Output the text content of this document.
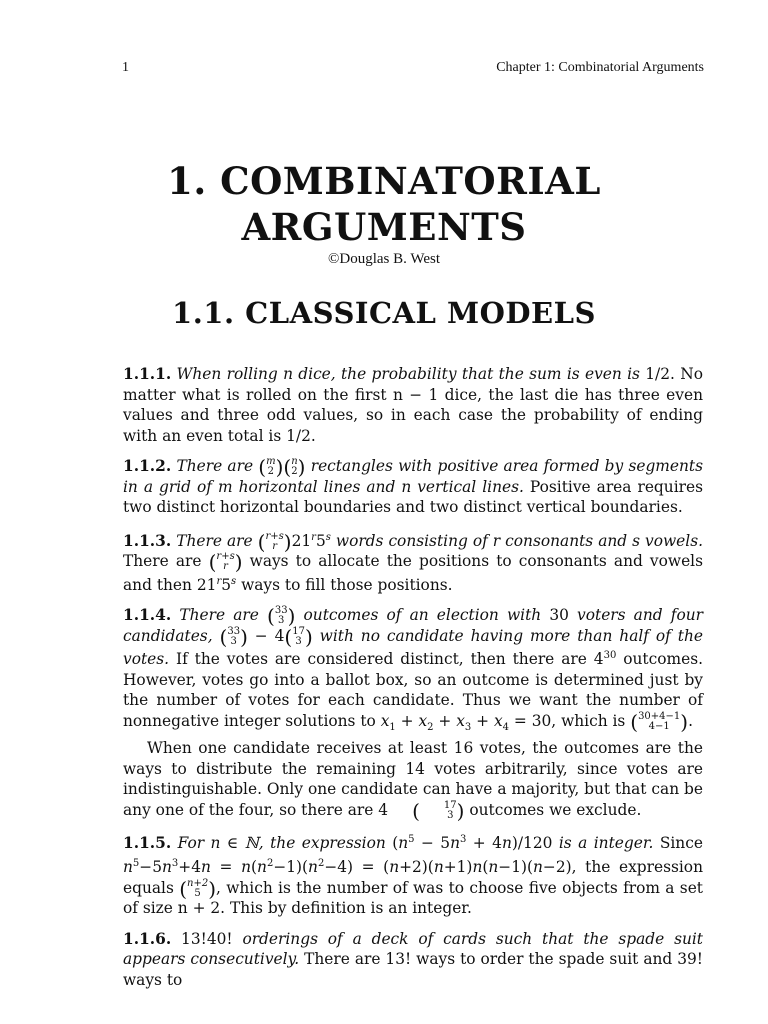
1	Chapter 1: Combinatorial Arguments
1. COMBINATORIAL
ARGUMENTS
©Douglas B. West
1.1. CLASSICAL MODELS

1.1.1. When rolling n dice, the probability that the sum is even is 1/2. No matter what is rolled on the first n − 1 dice, the last die has three even values and three odd values, so in each case the probability of ending with an even total is 1/2.

1.1.2. There are ( m
2 )( n
2 ) rectangles with positive area formed by segments in a grid of m horizontal lines and n vertical lines. Positive area requires two distinct horizontal boundaries and two distinct vertical boundaries.

1.1.3. There are ( r+s
r )21$^r$5$^s$ words consisting of r consonants and s vowels. There are ( r+s
r ) ways to allocate the positions to consonants and vowels and then 21$^r$5$^s$ ways to fill those positions.

1.1.4. There are ( 33
3 ) outcomes of an election with 30 voters and four candidates, ( 33
3 ) − 4( 17
3 ) with no candidate having more than half of the votes. If the votes are considered distinct, then there are $4^{30}$ outcomes. However, votes go into a ballot box, so an outcome is determined just by the number of votes for each candidate. Thus we want the number of nonnegative integer solutions to $x_1 + x_2 + x_3 + x_4 = 30$, which is ( 30+4−1
4−1 ).

When one candidate receives at least 16 votes, the outcomes are the ways to distribute the remaining 14 votes arbitrarily, since votes are indistinguishable. Only one candidate can have a majority, but that can be any one of the four, so there are 4 (	17
3 ) outcomes we exclude.

1.1.5. For n ∈ ℕ, the expression $(n^5 - 5n^3 + 4n)/120$ is a integer. Since $n^5-5n^3+4n = n(n^2-1)(n^2-4) = (n+2)(n+1)n(n-1)(n-2)$, the expression equals ( n+2
5 ), which is the number of was to choose five objects from a set of size n + 2. This by definition is an integer.

1.1.6. 13!40! orderings of a deck of cards such that the spade suit appears consecutively. There are 13! ways to order the spade suit and 39! ways to
